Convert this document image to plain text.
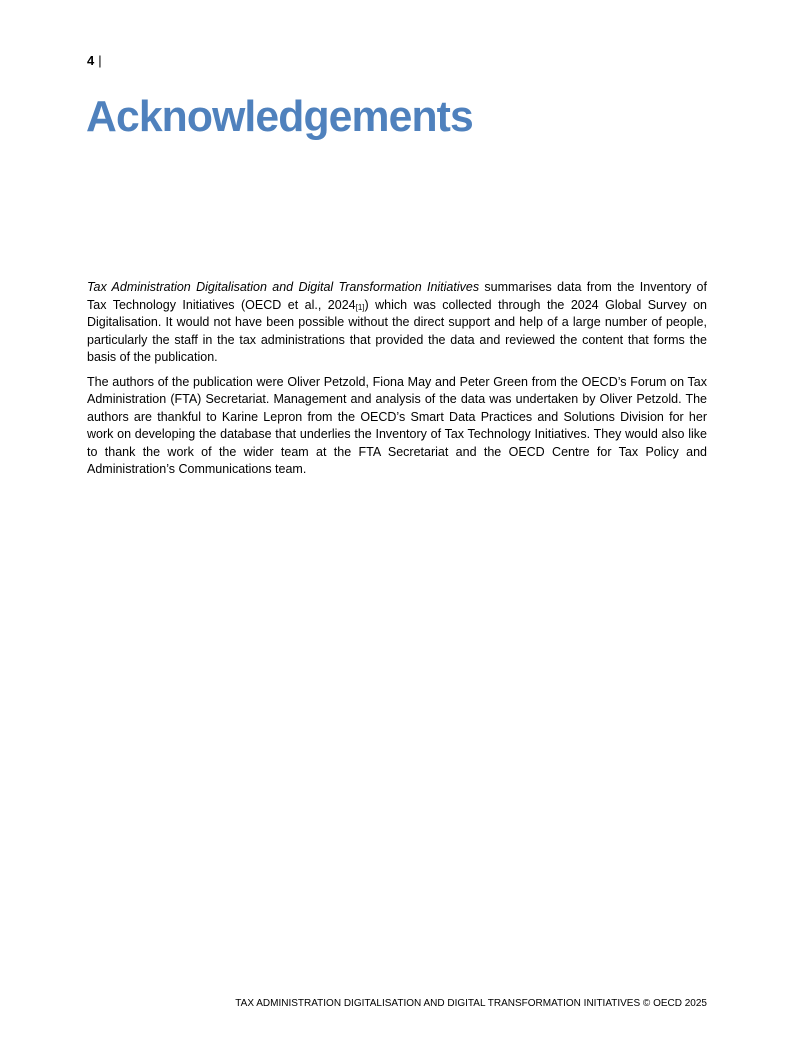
4 |
Acknowledgements

Tax Administration Digitalisation and Digital Transformation Initiatives summarises data from the Inventory of Tax Technology Initiatives (OECD et al., $2024_{[1]}$) which was collected through the 2024 Global Survey on Digitalisation. It would not have been possible without the direct support and help of a large number of people, particularly the staff in the tax administrations that provided the data and reviewed the content that forms the basis of the publication.

The authors of the publication were Oliver Petzold, Fiona May and Peter Green from the OECD’s Forum on Tax Administration (FTA) Secretariat. Management and analysis of the data was undertaken by Oliver Petzold. The authors are thankful to Karine Lepron from the OECD’s Smart Data Practices and Solutions Division for her work on developing the database that underlies the Inventory of Tax Technology Initiatives. They would also like to thank the work of the wider team at the FTA Secretariat and the OECD Centre for Tax Policy and Administration’s Communications team.

TAX ADMINISTRATION DIGITALISATION AND DIGITAL TRANSFORMATION INITIATIVES © OECD 2025
